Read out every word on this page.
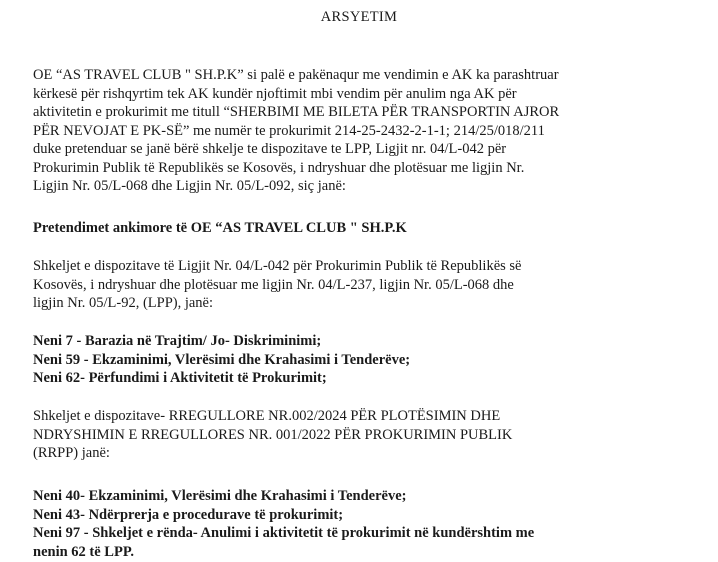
ARSYETIM
OE “AS TRAVEL CLUB " SH.P.K” si palë e pakënaqur me vendimin e AK ka parashtruar
kërkesë për rishqyrtim tek AK kundër njoftimit mbi vendim për anulim nga AK për
aktivitetin e prokurimit me titull “SHERBIMI ME BILETA PËR TRANSPORTIN AJROR
PËR NEVOJAT E PK-SË” me numër te prokurimit 214-25-2432-2-1-1; 214/25/018/211
duke pretenduar se janë bërë shkelje te dispozitave te LPP, Ligjit nr. 04/L-042 për
Prokurimin Publik të Republikës se Kosovës, i ndryshuar dhe plotësuar me ligjin Nr.
Ligjin Nr. 05/L-068 dhe Ligjin Nr. 05/L-092, siç janë:
Pretendimet ankimore të OE “AS TRAVEL CLUB " SH.P.K
Shkeljet e dispozitave të Ligjit Nr. 04/L-042 për Prokurimin Publik të Republikës së
Kosovës, i ndryshuar dhe plotësuar me ligjin Nr. 04/L-237, ligjin Nr. 05/L-068 dhe
ligjin Nr. 05/L-92, (LPP), janë:
Neni 7 - Barazia në Trajtim/ Jo- Diskriminimi;
Neni 59 - Ekzaminimi, Vlerësimi dhe Krahasimi i Tenderëve;
Neni 62- Përfundimi i Aktivitetit të Prokurimit;
Shkeljet e dispozitave- RREGULLORE NR.002/2024 PËR PLOTËSIMIN DHE
NDRYSHIMIN E RREGULLORES NR. 001/2022 PËR PROKURIMIN PUBLIK
(RRPP) janë:
Neni 40- Ekzaminimi, Vlerësimi dhe Krahasimi i Tenderëve;
Neni 43- Ndërprerja e procedurave të prokurimit;
Neni 97 - Shkeljet e rënda- Anulimi i aktivitetit të prokurimit në kundërshtim me
nenin 62 të LPP.
